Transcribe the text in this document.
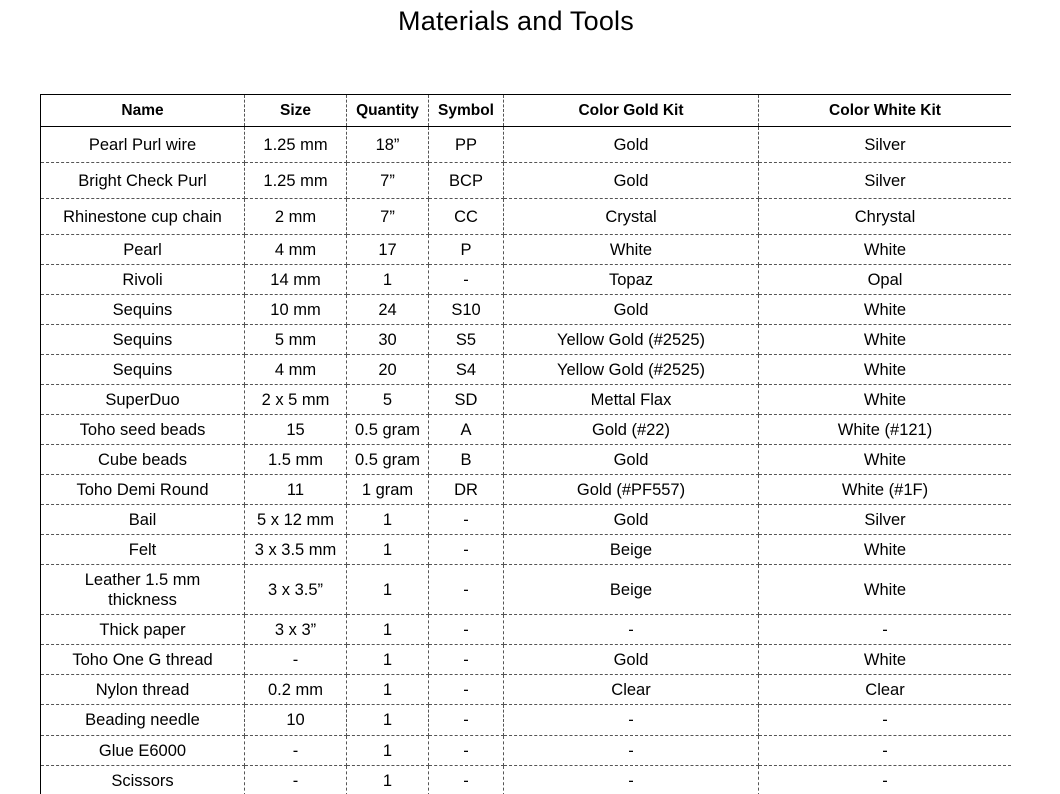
Materials and Tools
Name	Size	Quantity	Symbol	Color Gold Kit	Color White Kit
Pearl Purl wire	1.25 mm	18”	PP	Gold	Silver
Bright Check Purl	1.25 mm	7”	BCP	Gold	Silver
Rhinestone cup chain	2 mm	7”	CC	Crystal	Chrystal
Pearl	4 mm	17	P	White	White
Rivoli	14 mm	1	-	Topaz	Opal
Sequins	10 mm	24	S10	Gold	White
Sequins	5 mm	30	S5	Yellow Gold (#2525)	White
Sequins	4 mm	20	S4	Yellow Gold (#2525)	White
SuperDuo	2 x 5 mm	5	SD	Mettal Flax	White
Toho seed beads	15	0.5 gram	A	Gold (#22)	White (#121)
Cube beads	1.5 mm	0.5 gram	B	Gold	White
Toho Demi Round	11	1 gram	DR	Gold (#PF557)	White (#1F)
Bail	5 x 12 mm	1	-	Gold	Silver
Felt	3 x 3.5 mm	1	-	Beige	White
Leather 1.5 mm thickness	3 x 3.5”	1	-	Beige	White
Thick paper	3 x 3”	1	-	-	-
Toho One G thread	-	1	-	Gold	White
Nylon thread	0.2 mm	1	-	Clear	Clear
Beading needle	10	1	-	-	-
Glue E6000	-	1	-	-	-
Scissors	-	1	-	-	-
